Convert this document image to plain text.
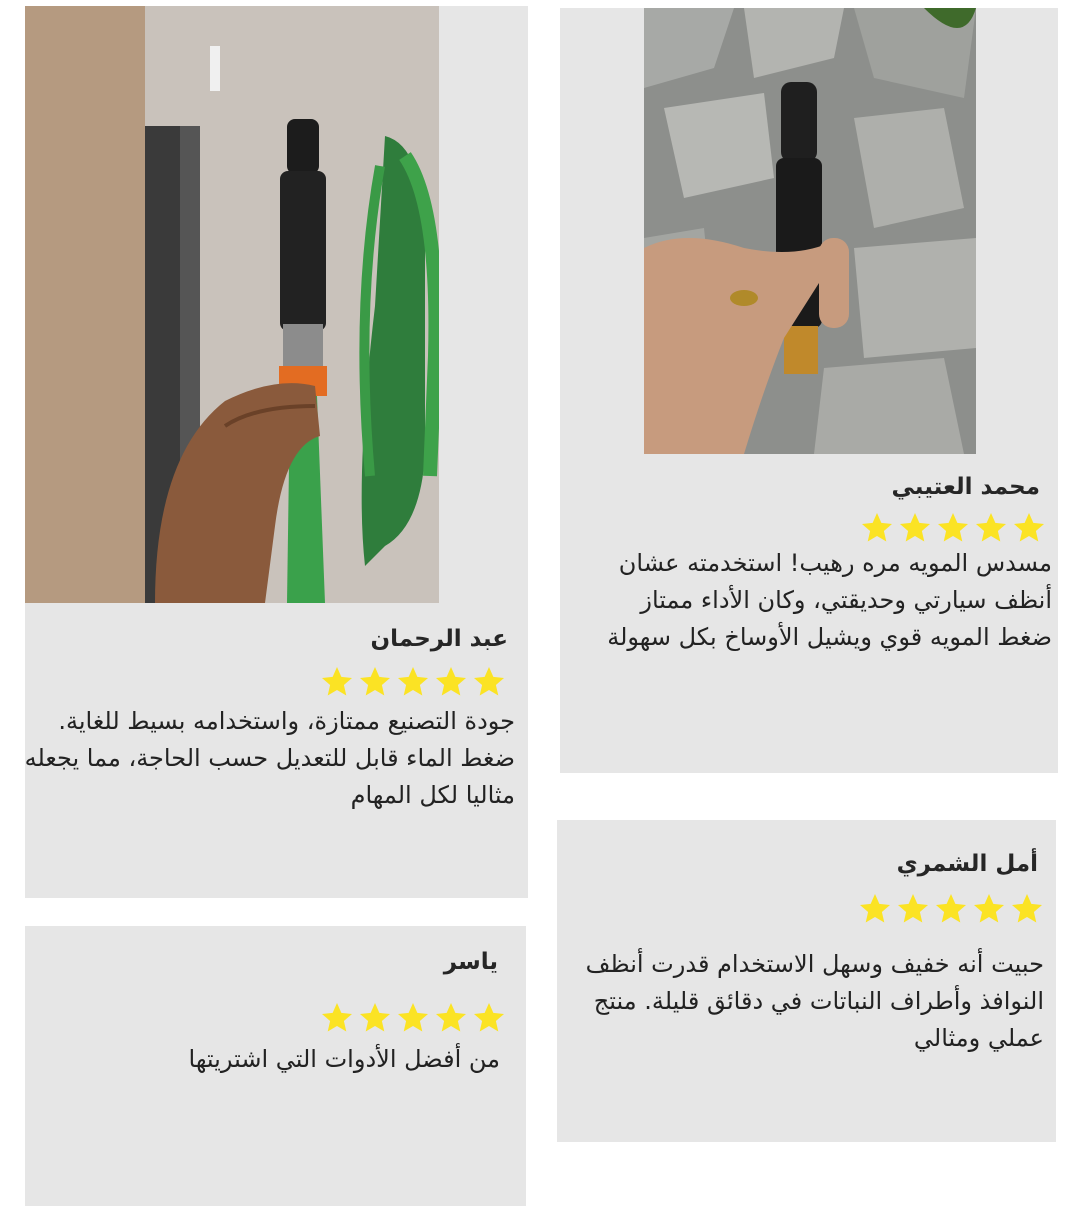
عبد الرحمان

جودة التصنيع ممتازة، واستخدامه بسيط للغاية. ضغط الماء قابل للتعديل حسب الحاجة، مما يجعله مثاليا لكل المهام

محمد العتيبي

مسدس المويه مره رهيب! استخدمته عشان أنظف سيارتي وحديقتي، وكان الأداء ممتاز ضغط المويه قوي ويشيل الأوساخ بكل سهولة

ياسر

من أفضل الأدوات التي اشتريتها

أمل الشمري

حبيت أنه خفيف وسهل الاستخدام قدرت أنظف النوافذ وأطراف النباتات في دقائق قليلة. منتج عملي ومثالي
